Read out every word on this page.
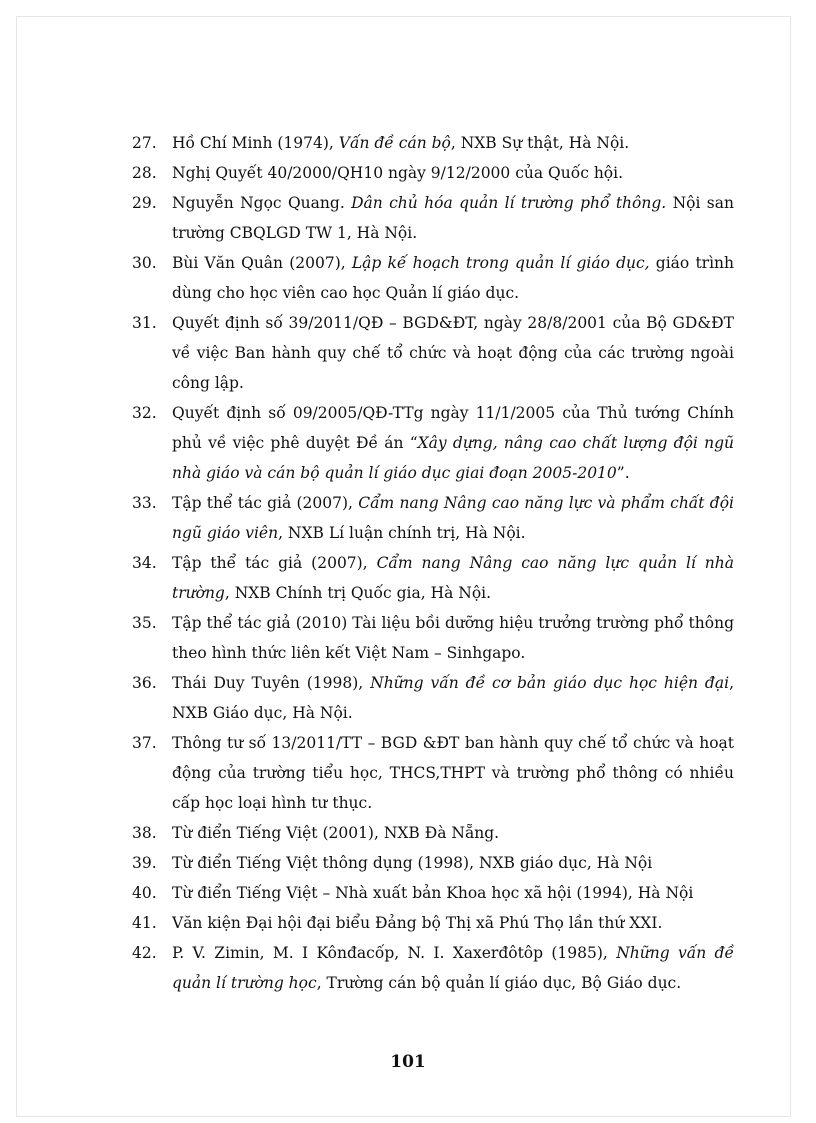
27. Hồ Chí Minh (1974), Vấn đề cán bộ, NXB Sự thật, Hà Nội.
28. Nghị Quyết 40/2000/QH10 ngày 9/12/2000 của Quốc hội.
29. Nguyễn Ngọc Quang. Dân chủ hóa quản lí trường phổ thông. Nội san trường CBQLGD TW 1, Hà Nội.
30. Bùi Văn Quân (2007), Lập kế hoạch trong quản lí giáo dục, giáo trình dùng cho học viên cao học Quản lí giáo dục.
31. Quyết định số 39/2011/QĐ – BGD&ĐT, ngày 28/8/2001 của Bộ GD&ĐT về việc Ban hành quy chế tổ chức và hoạt động của các trường ngoài công lập.
32. Quyết định số 09/2005/QĐ-TTg ngày 11/1/2005 của Thủ tướng Chính phủ về việc phê duyệt Đề án “Xây dựng, nâng cao chất lượng đội ngũ nhà giáo và cán bộ quản lí giáo dục giai đoạn 2005-2010”.
33. Tập thể tác giả (2007), Cẩm nang Nâng cao năng lực và phẩm chất đội ngũ giáo viên, NXB Lí luận chính trị, Hà Nội.
34. Tập thể tác giả (2007), Cẩm nang Nâng cao năng lực quản lí nhà trường, NXB Chính trị Quốc gia, Hà Nội.
35. Tập thể tác giả (2010) Tài liệu bồi dưỡng hiệu trưởng trường phổ thông theo hình thức liên kết Việt Nam – Sinhgapo.
36. Thái Duy Tuyên (1998), Những vấn đề cơ bản giáo dục học hiện đại, NXB Giáo dục, Hà Nội.
37. Thông tư số 13/2011/TT – BGD &ĐT ban hành quy chế tổ chức và hoạt động của trường tiểu học, THCS,THPT và trường phổ thông có nhiều cấp học loại hình tư thục.
38. Từ điển Tiếng Việt (2001), NXB Đà Nẵng.
39. Từ điển Tiếng Việt thông dụng (1998), NXB giáo dục, Hà Nội
40. Từ điển Tiếng Việt – Nhà xuất bản Khoa học xã hội (1994), Hà Nội
41. Văn kiện Đại hội đại biểu Đảng bộ Thị xã Phú Thọ lần thứ XXI.
42. P. V. Zimin, M. I Kônđacốp, N. I. Xaxerđôtôp (1985), Những vấn đề quản lí trường học, Trường cán bộ quản lí giáo dục, Bộ Giáo dục.
101
